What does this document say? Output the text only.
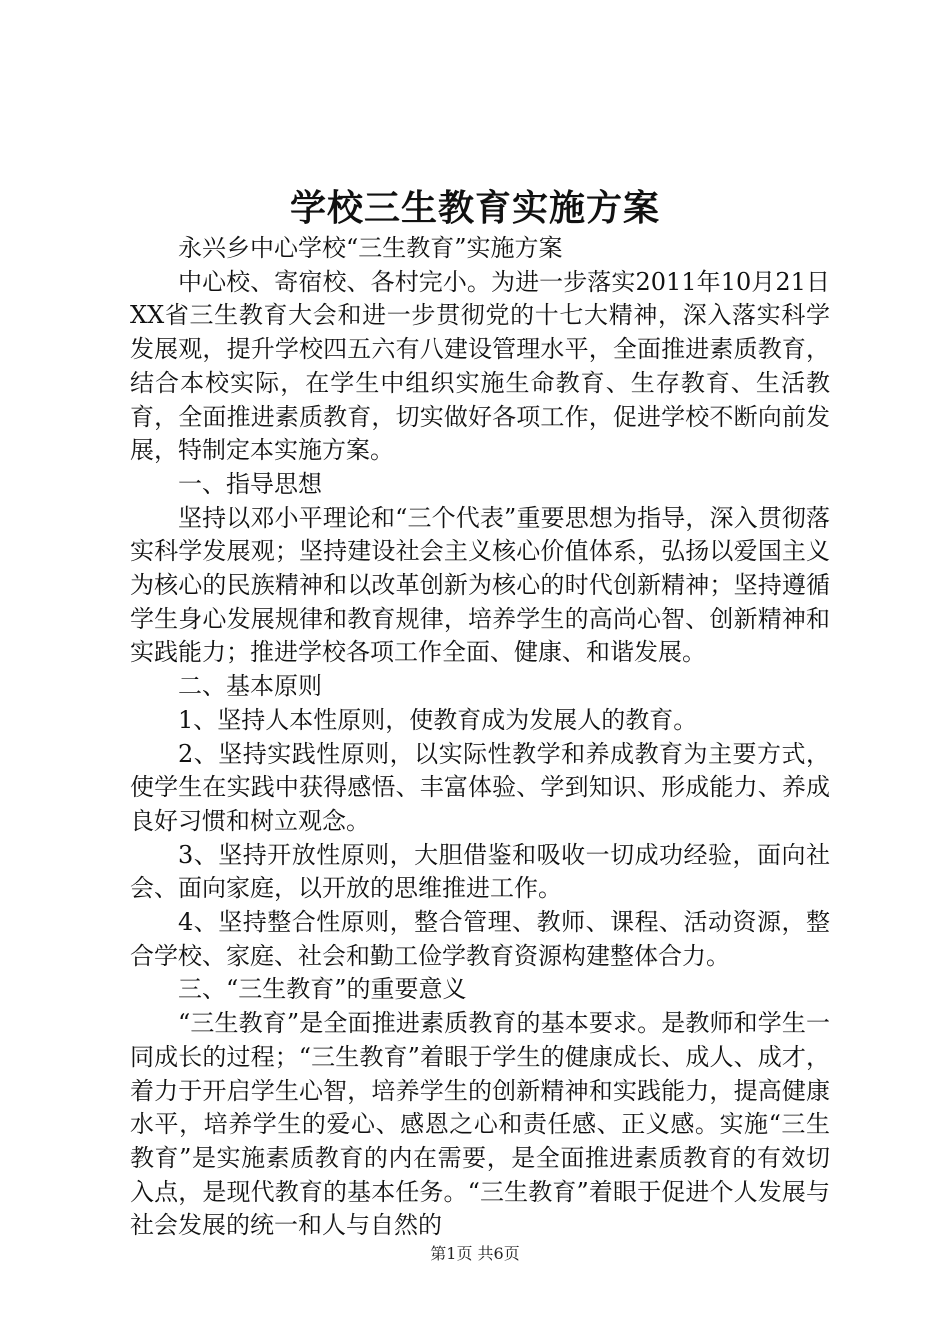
学校三生教育实施方案

永兴乡中心学校“三生教育”实施方案

中心校、寄宿校、各村完小。为进一步落实2011年10月21日XX省三生教育大会和进一步贯彻党的十七大精神，深入落实科学发展观，提升学校四五六有八建设管理水平，全面推进素质教育，结合本校实际，在学生中组织实施生命教育、生存教育、生活教育，全面推进素质教育，切实做好各项工作，促进学校不断向前发展，特制定本实施方案。

一、指导思想

坚持以邓小平理论和“三个代表”重要思想为指导，深入贯彻落实科学发展观；坚持建设社会主义核心价值体系，弘扬以爱国主义为核心的民族精神和以改革创新为核心的时代创新精神；坚持遵循学生身心发展规律和教育规律，培养学生的高尚心智、创新精神和实践能力；推进学校各项工作全面、健康、和谐发展。

二、基本原则

1、坚持人本性原则，使教育成为发展人的教育。

2、坚持实践性原则，以实际性教学和养成教育为主要方式，使学生在实践中获得感悟、丰富体验、学到知识、形成能力、养成良好习惯和树立观念。

3、坚持开放性原则，大胆借鉴和吸收一切成功经验，面向社会、面向家庭，以开放的思维推进工作。

4、坚持整合性原则，整合管理、教师、课程、活动资源，整合学校、家庭、社会和勤工俭学教育资源构建整体合力。

三、“三生教育”的重要意义

“三生教育”是全面推进素质教育的基本要求。是教师和学生一同成长的过程；“三生教育”着眼于学生的健康成长、成人、成才，着力于开启学生心智，培养学生的创新精神和实践能力，提高健康水平，培养学生的爱心、感恩之心和责任感、正义感。实施“三生教育”是实施素质教育的内在需要，是全面推进素质教育的有效切入点，是现代教育的基本任务。“三生教育”着眼于促进个人发展与社会发展的统一和人与自然的

第1页 共6页
